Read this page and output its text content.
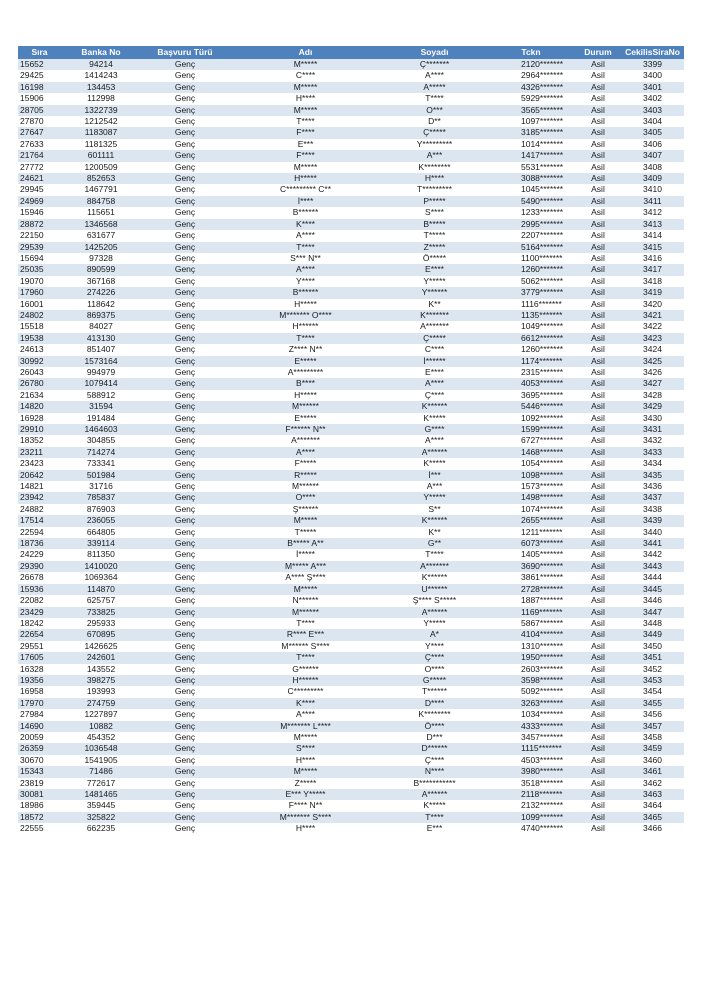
Sıra	Banka No	Başvuru Türü	Adı	Soyadı	Tckn	Durum	CekilisSiraNo
15652	94214	Genç	M*****	Ç*******	2120*******	Asil	3399
29425	1414243	Genç	C****	A****	2964*******	Asil	3400
16198	134453	Genç	M*****	A*****	4326*******	Asil	3401
15906	112998	Genç	H****	T****	5929*******	Asil	3402
28705	1322739	Genç	M*****	O***	3565*******	Asil	3403
27870	1212542	Genç	T****	D**	1097*******	Asil	3404
27647	1183087	Genç	F****	Ç*****	3185*******	Asil	3405
27633	1181325	Genç	E***	Y*********	1014*******	Asil	3406
21764	601111	Genç	F****	A***	1417*******	Asil	3407
27772	1200509	Genç	M*****	K********	5531*******	Asil	3408
24621	852653	Genç	H*****	H****	3088*******	Asil	3409
29945	1467791	Genç	C********* C**	T*********	1045*******	Asil	3410
24969	884758	Genç	İ****	P*****	5490*******	Asil	3411
15946	115651	Genç	B******	S****	1233*******	Asil	3412
28872	1346568	Genç	K****	B*****	2995*******	Asil	3413
22150	631677	Genç	A****	T*****	2207*******	Asil	3414
29539	1425205	Genç	T****	Z*****	5164*******	Asil	3415
15694	97328	Genç	S*** N**	Ö*****	1100*******	Asil	3416
25035	890599	Genç	A****	E****	1260*******	Asil	3417
19070	367168	Genç	Y****	Y*****	5062*******	Asil	3418
17960	274226	Genç	B******	Y******	3779*******	Asil	3419
16001	118642	Genç	H*****	K**	1116*******	Asil	3420
24802	869375	Genç	M******* O****	K*******	1135*******	Asil	3421
15518	84027	Genç	H******	A*******	1049*******	Asil	3422
19538	413130	Genç	T****	Ç*****	6612*******	Asil	3423
24613	851407	Genç	Z**** N**	C****	1260*******	Asil	3424
30992	1573164	Genç	E*****	İ******	1174*******	Asil	3425
26043	994979	Genç	A*********	E****	2315*******	Asil	3426
26780	1079414	Genç	B****	A****	4053*******	Asil	3427
21634	588912	Genç	H*****	Ç****	3695*******	Asil	3428
14820	31594	Genç	M******	K******	5446*******	Asil	3429
16928	191484	Genç	E*****	K*****	1092*******	Asil	3430
29910	1464603	Genç	F****** N**	G****	1599*******	Asil	3431
18352	304855	Genç	A*******	A****	6727*******	Asil	3432
23211	714274	Genç	A****	A******	1468*******	Asil	3433
23423	733341	Genç	F*****	K*****	1054*******	Asil	3434
20642	501984	Genç	R*****	İ***	1098*******	Asil	3435
14821	31716	Genç	M******	A***	1573*******	Asil	3436
23942	785837	Genç	O****	Y*****	1498*******	Asil	3437
24882	876903	Genç	Ş******	S**	1074*******	Asil	3438
17514	236055	Genç	M*****	K******	2655*******	Asil	3439
22594	664805	Genç	T*****	K**	1211*******	Asil	3440
18736	339114	Genç	B***** A**	G**	6073*******	Asil	3441
24229	811350	Genç	İ*****	T****	1405*******	Asil	3442
29390	1410020	Genç	M***** A***	A*******	3690*******	Asil	3443
26678	1069364	Genç	A**** Ş****	K******	3861*******	Asil	3444
15936	114870	Genç	M*****	U******	2728*******	Asil	3445
22082	625757	Genç	N******	Ş**** S*****	1887*******	Asil	3446
23429	733825	Genç	M******	A******	1169*******	Asil	3447
18242	295933	Genç	T****	Y*****	5867*******	Asil	3448
22654	670895	Genç	R**** E***	A*	4104*******	Asil	3449
29551	1426625	Genç	M****** S****	Y****	1310*******	Asil	3450
17605	242601	Genç	T****	Ç****	1950*******	Asil	3451
16328	143552	Genç	G******	O****	2603*******	Asil	3452
19356	398275	Genç	H******	G*****	3598*******	Asil	3453
16958	193993	Genç	C*********	T******	5092*******	Asil	3454
17970	274759	Genç	K****	D****	3263*******	Asil	3455
27984	1227897	Genç	A****	K********	1034*******	Asil	3456
14690	10882	Genç	M******* L****	Ö****	4333*******	Asil	3457
20059	454352	Genç	M*****	D***	3457*******	Asil	3458
26359	1036548	Genç	S****	D******	1115*******	Asil	3459
30670	1541905	Genç	H****	Ç****	4503*******	Asil	3460
15343	71486	Genç	M*****	N****	3980*******	Asil	3461
23819	772617	Genç	Z*****	B***********	3518*******	Asil	3462
30081	1481465	Genç	E*** Y*****	A******	2118*******	Asil	3463
18986	359445	Genç	F**** N**	K*****	2132*******	Asil	3464
18572	325822	Genç	M******* S****	T****	1099*******	Asil	3465
22555	662235	Genç	H****	E***	4740*******	Asil	3466
